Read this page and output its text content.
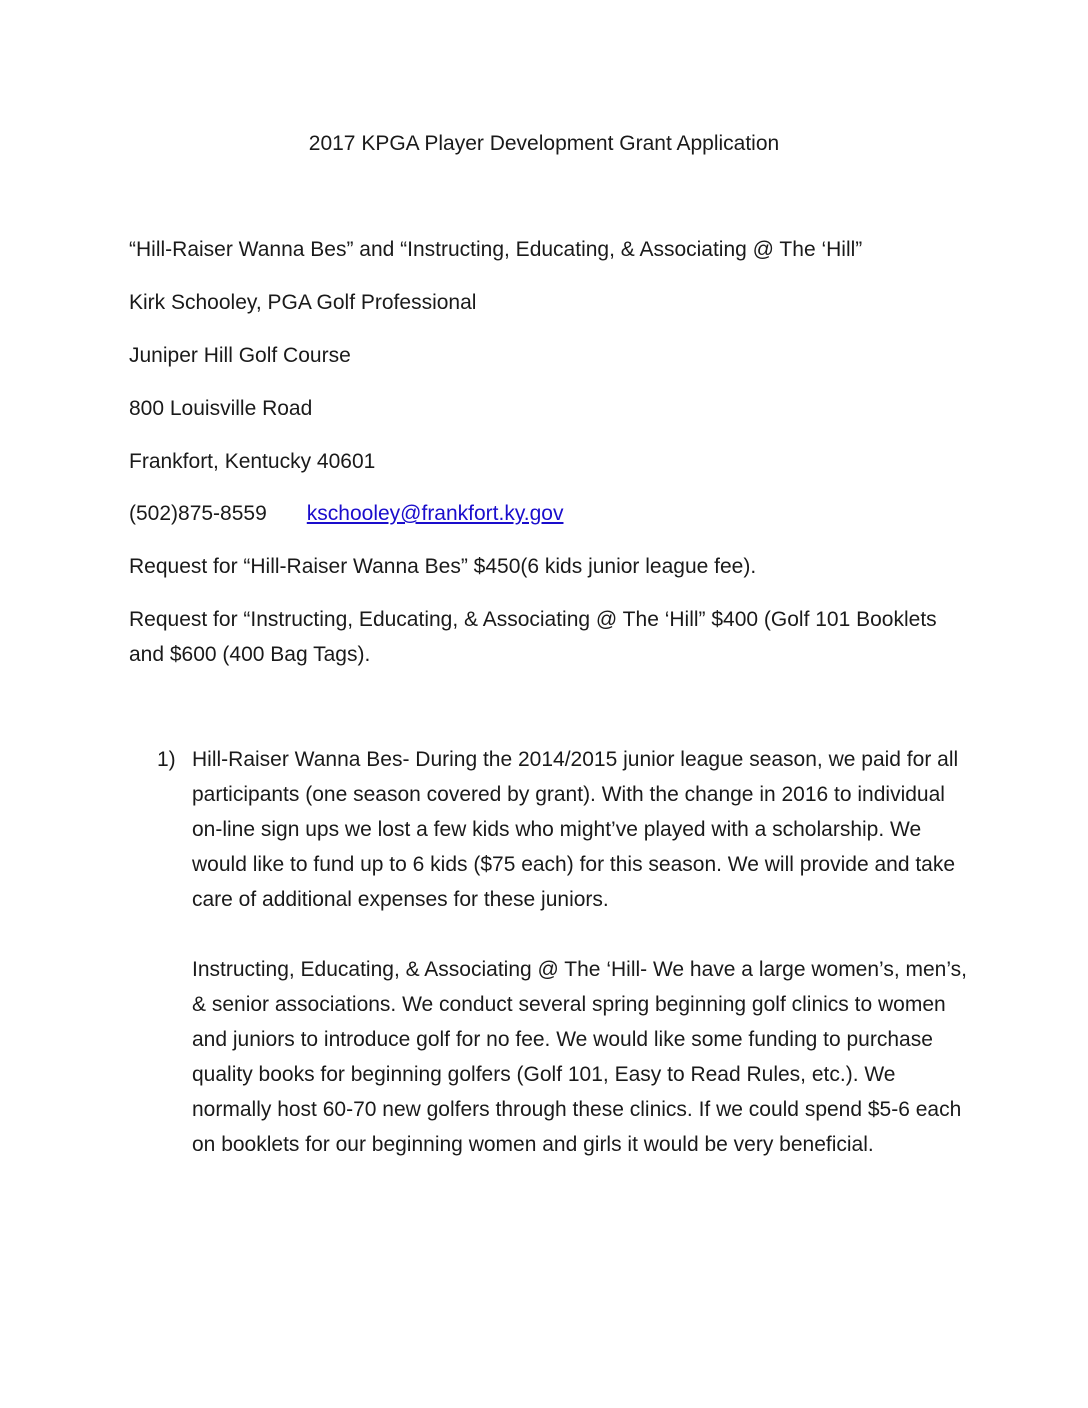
2017 KPGA Player Development Grant Application
“Hill-Raiser Wanna Bes” and “Instructing, Educating, & Associating @ The ‘Hill”
Kirk Schooley, PGA Golf Professional
Juniper Hill Golf Course
800 Louisville Road
Frankfort, Kentucky 40601
(502)875-8559 kschooley@frankfort.ky.gov
Request for “Hill-Raiser Wanna Bes” $450(6 kids junior league fee).
Request for “Instructing, Educating, & Associating @ The ‘Hill” $400 (Golf 101 Booklets and $600 (400 Bag Tags).
1) Hill-Raiser Wanna Bes- During the 2014/2015 junior league season, we paid for all participants (one season covered by grant). With the change in 2016 to individual on-line sign ups we lost a few kids who might’ve played with a scholarship. We would like to fund up to 6 kids ($75 each) for this season. We will provide and take care of additional expenses for these juniors.

Instructing, Educating, & Associating @ The ‘Hill- We have a large women’s, men’s, & senior associations. We conduct several spring beginning golf clinics to women and juniors to introduce golf for no fee. We would like some funding to purchase quality books for beginning golfers (Golf 101, Easy to Read Rules, etc.). We normally host 60-70 new golfers through these clinics. If we could spend $5-6 each on booklets for our beginning women and girls it would be very beneficial.
